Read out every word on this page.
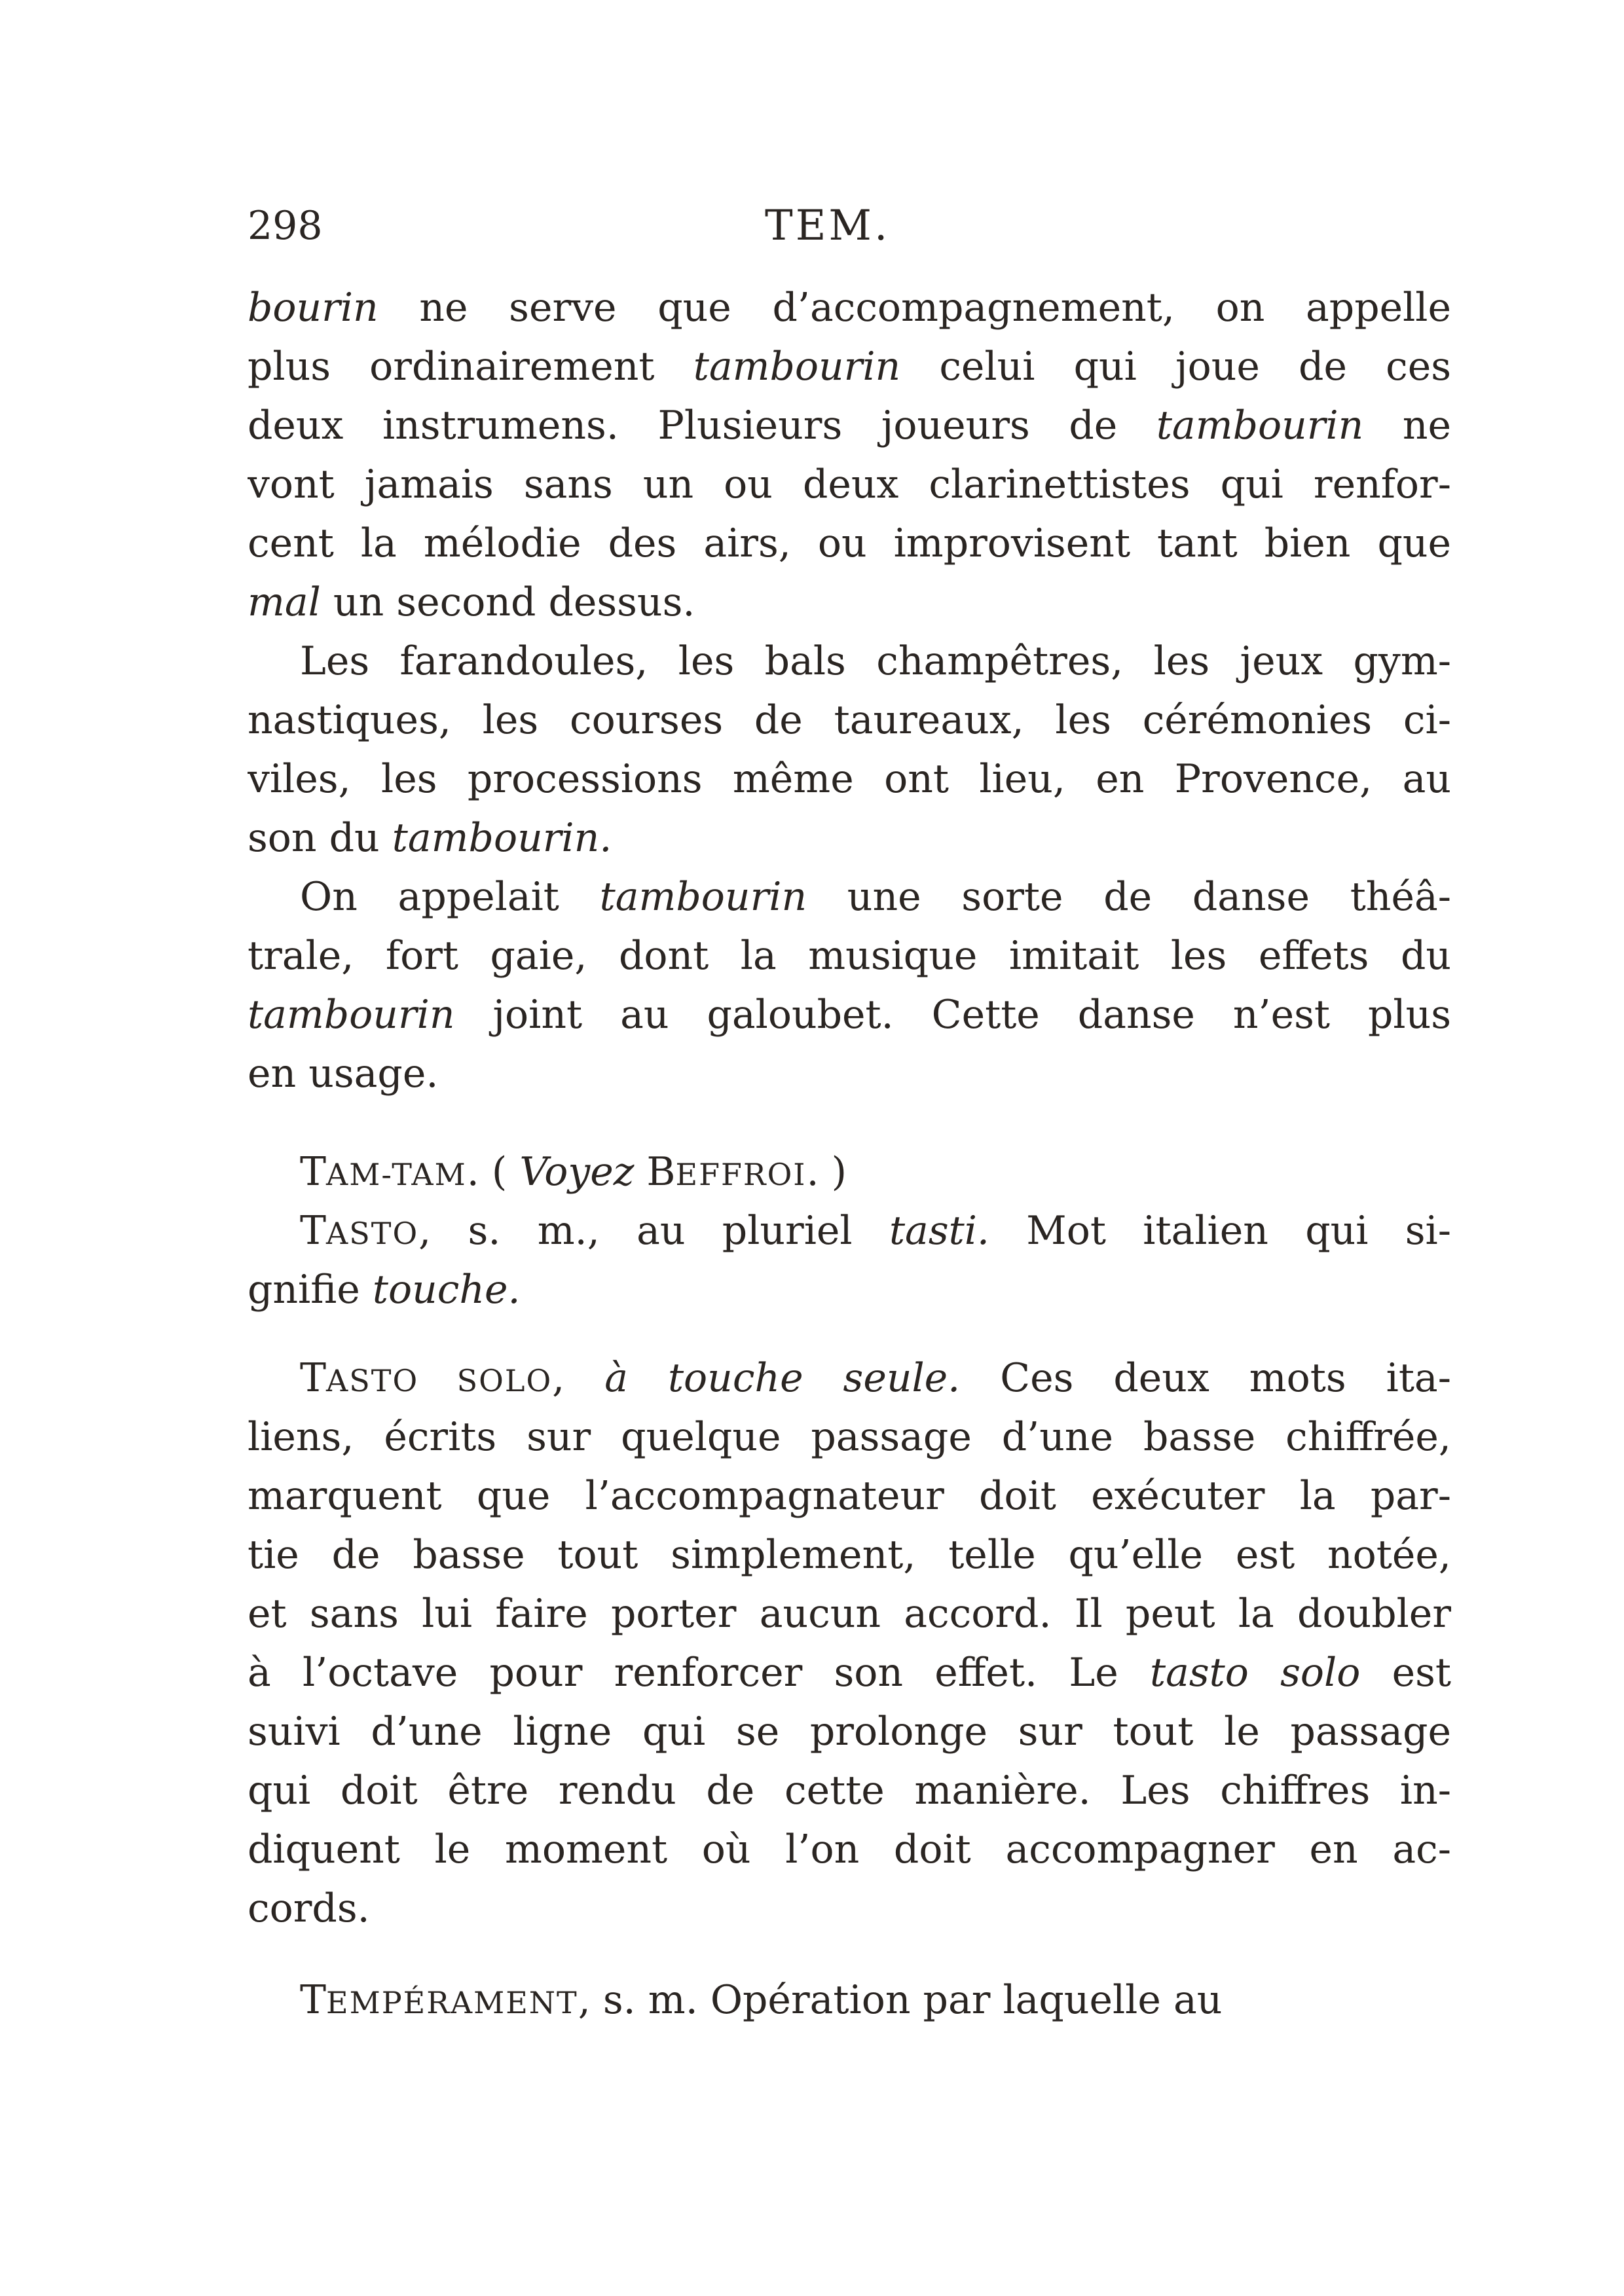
298	TEM.
bourin ne serve que d’accompagnement, on appelle
plus ordinairement tambourin celui qui joue de ces
deux instrumens. Plusieurs joueurs de tambourin ne
vont jamais sans un ou deux clarinettistes qui renfor-
cent la mélodie des airs, ou improvisent tant bien que
mal un second dessus.
Les farandoules, les bals champêtres, les jeux gym-
nastiques, les courses de taureaux, les cérémonies ci-
viles, les processions même ont lieu, en Provence, au
son du tambourin.
On appelait tambourin une sorte de danse théâ-
trale, fort gaie, dont la musique imitait les effets du
tambourin joint au galoubet. Cette danse n’est plus
en usage.
TAM-TAM. ( Voyez BEFFROI. )
TASTO, s. m., au pluriel tasti. Mot italien qui si-
gnifie touche.
TASTO SOLO, à touche seule. Ces deux mots ita-
liens, écrits sur quelque passage d’une basse chiffrée,
marquent que l’accompagnateur doit exécuter la par-
tie de basse tout simplement, telle qu’elle est notée,
et sans lui faire porter aucun accord. Il peut la doubler
à l’octave pour renforcer son effet. Le tasto solo est
suivi d’une ligne qui se prolonge sur tout le passage
qui doit être rendu de cette manière. Les chiffres in-
diquent le moment où l’on doit accompagner en ac-
cords.
TEMPÉRAMENT, s. m. Opération par laquelle au
